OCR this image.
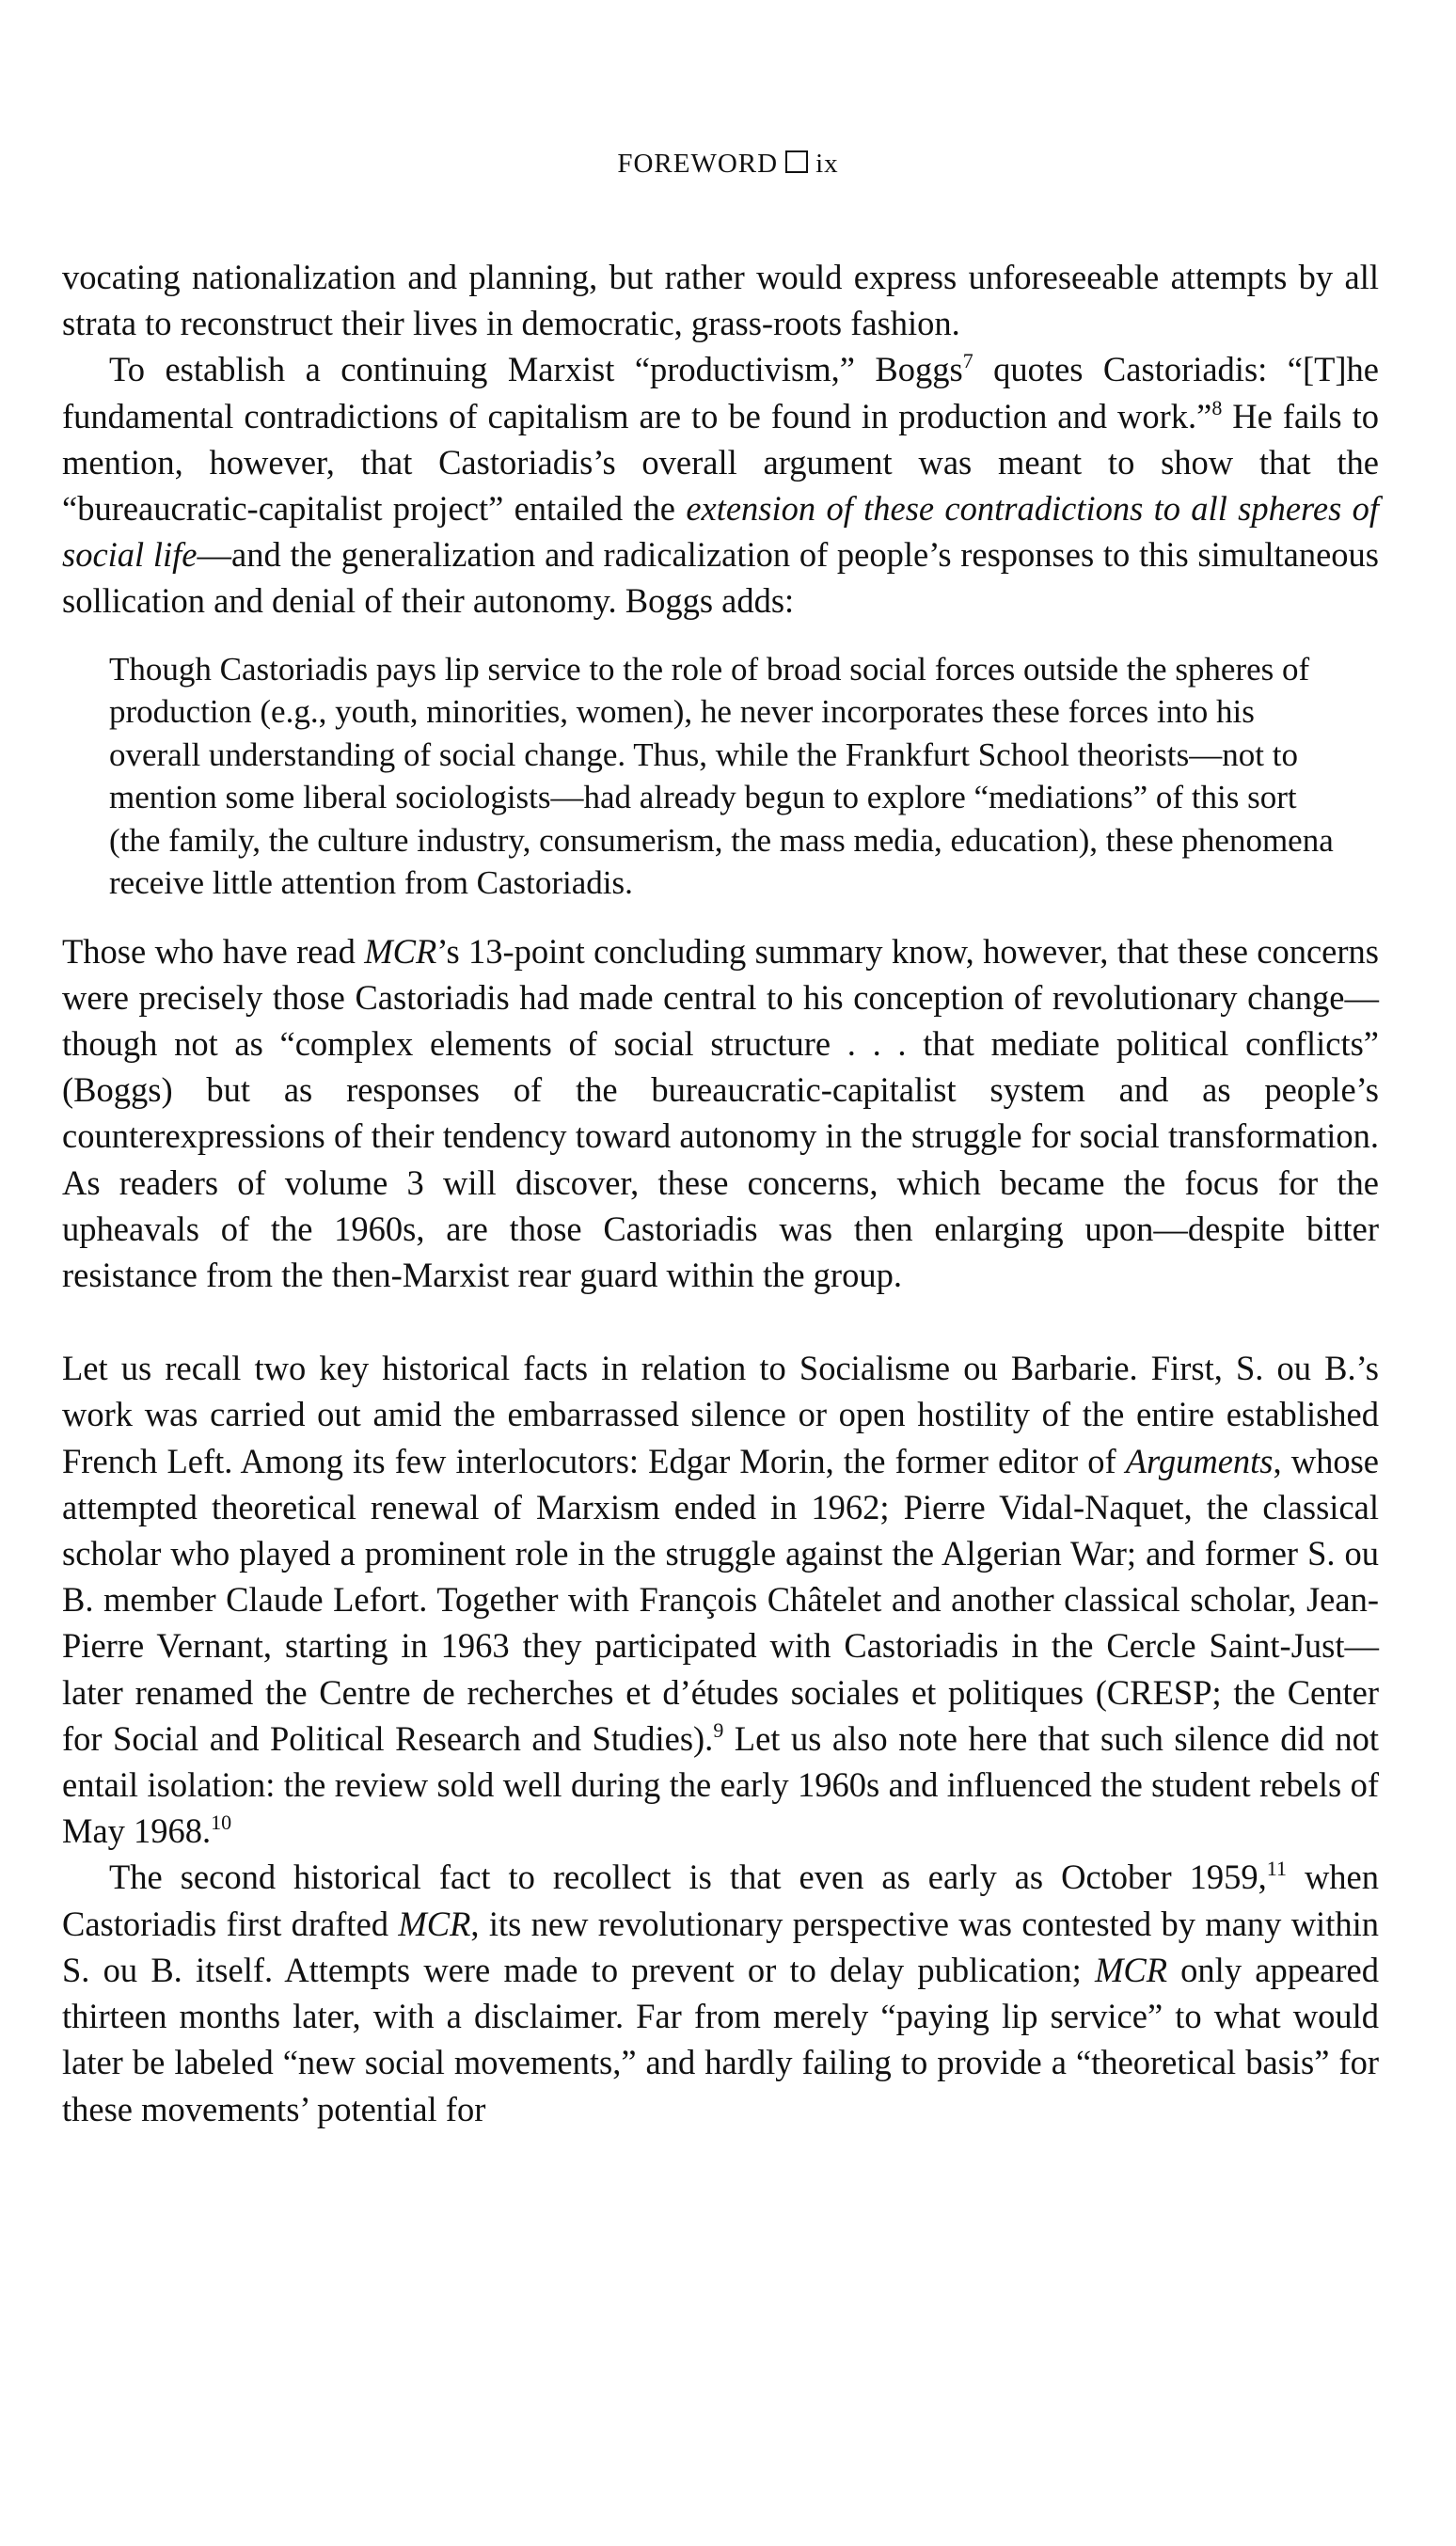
FOREWORD ix

vocating nationalization and planning, but rather would express unforeseeable attempts by all strata to reconstruct their lives in democratic, grass-roots fashion.

To establish a continuing Marxist “productivism,” Boggs$^7$ quotes Castoriadis: “[T]he fundamental contradictions of capitalism are to be found in production and work.”$^8$ He fails to mention, however, that Castoriadis’s overall argument was meant to show that the “bureaucratic-capitalist project” entailed the extension of these contradictions to all spheres of social life—and the generalization and radicalization of people’s responses to this simultaneous sollication and denial of their autonomy. Boggs adds:

Though Castoriadis pays lip service to the role of broad social forces outside the spheres of production (e.g., youth, minorities, women), he never incorporates these forces into his overall understanding of social change. Thus, while the Frankfurt School theorists—not to mention some liberal sociologists—had already begun to explore “mediations” of this sort (the family, the culture industry, consumerism, the mass media, education), these phenomena receive little attention from Castoriadis.

Those who have read MCR’s 13-point concluding summary know, however, that these concerns were precisely those Castoriadis had made central to his conception of revolutionary change—though not as “complex elements of social structure . . . that mediate political conflicts” (Boggs) but as responses of the bureaucratic-capitalist system and as people’s counterexpressions of their tendency toward autonomy in the struggle for social transformation. As readers of volume 3 will discover, these concerns, which became the focus for the upheavals of the 1960s, are those Castoriadis was then enlarging upon—despite bitter resistance from the then-Marxist rear guard within the group.

Let us recall two key historical facts in relation to Socialisme ou Barbarie. First, S. ou B.’s work was carried out amid the embarrassed silence or open hostility of the entire established French Left. Among its few interlocutors: Edgar Morin, the former editor of Arguments, whose attempted theoretical renewal of Marxism ended in 1962; Pierre Vidal-Naquet, the classical scholar who played a prominent role in the struggle against the Algerian War; and former S. ou B. member Claude Lefort. Together with François Châtelet and another classical scholar, Jean-Pierre Vernant, starting in 1963 they participated with Castoriadis in the Cercle Saint-Just—later renamed the Centre de recherches et d’études sociales et politiques (CRESP; the Center for Social and Political Research and Studies).$^9$ Let us also note here that such silence did not entail isolation: the review sold well during the early 1960s and influenced the student rebels of May 1968.10

The second historical fact to recollect is that even as early as October 1959,11 when Castoriadis first drafted MCR, its new revolutionary perspective was contested by many within S. ou B. itself. Attempts were made to prevent or to delay publication; MCR only appeared thirteen months later, with a disclaimer. Far from merely “paying lip service” to what would later be labeled “new social movements,” and hardly failing to provide a “theoretical basis” for these movements’ potential for
